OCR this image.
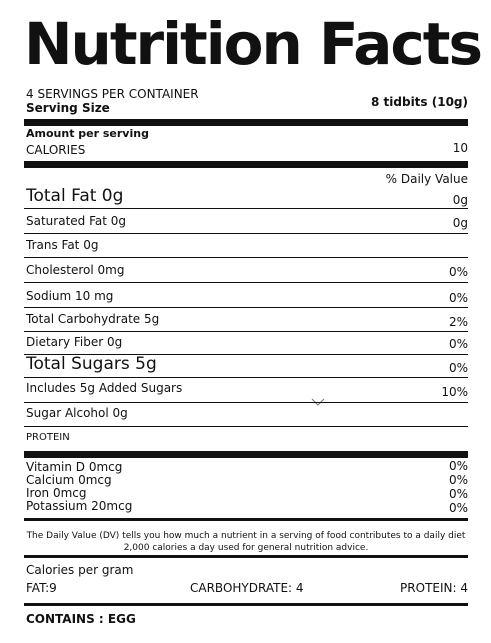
Nutrition Facts
4 SERVINGS PER CONTAINER
Serving Size	8 tidbits (10g)
Amount per serving
CALORIES	10
% Daily Value
Total Fat 0g	0g
Saturated Fat 0g	0g
Trans Fat 0g
Cholesterol 0mg	0%
Sodium 10 mg	0%
Total Carbohydrate 5g	2%
Dietary Fiber 0g	0%
Total Sugars 5g	0%
Includes 5g Added Sugars	10%
Sugar Alcohol 0g
PROTEIN
Vitamin D 0mcg	0%
Calcium 0mcg	0%
Iron 0mcg	0%
Potassium 20mcg	0%
The Daily Value (DV) tells you how much a nutrient in a serving of food contributes to a daily diet 2,000 calories a day used for general nutrition advice.
Calories per gram
FAT:9	CARBOHYDRATE: 4	PROTEIN: 4
CONTAINS : EGG
